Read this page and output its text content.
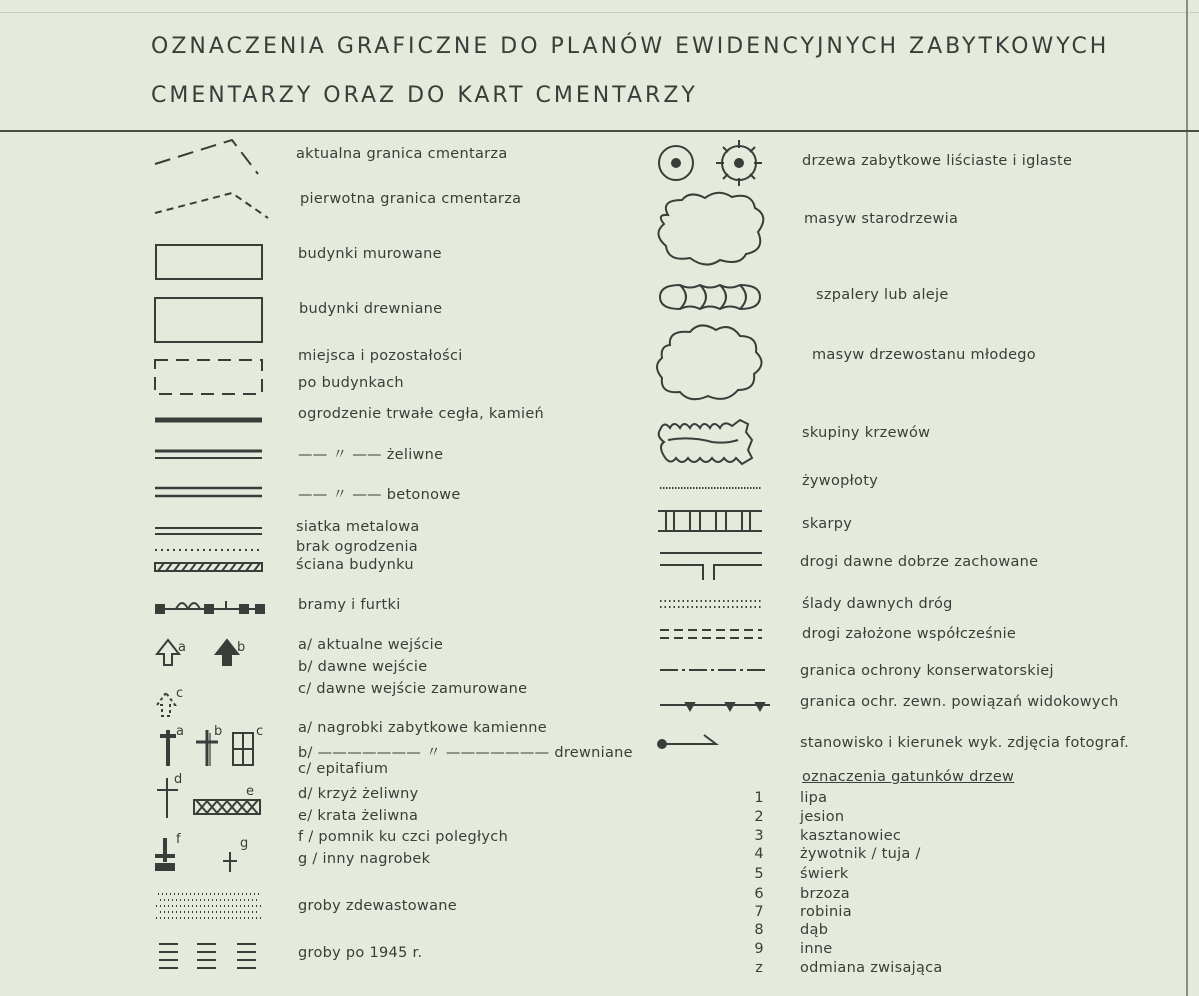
OZNACZENIA GRAFICZNE DO PLANÓW EWIDENCYJNYCH ZABYTKOWYCH
CMENTARZY ORAZ DO KART CMENTARZY
aktualna granica cmentarza
pierwotna granica cmentarza
budynki murowane
budynki drewniane
miejsca i pozostałości
po budynkach
ogrodzenie trwałe cegła, kamień
—— 〃 —— żeliwne
—— 〃 —— betonowe
siatka metalowa
brak ogrodzenia
ściana budynku
bramy i furtki
a/ aktualne wejście
b/ dawne wejście
c/ dawne wejście zamurowane
a/ nagrobki zabytkowe kamienne
b/ ——————— 〃 ——————— drewniane
c/ epitafium
d/ krzyż żeliwny
e/ krata żeliwna
f / pomnik ku czci poległych
g / inny nagrobek
groby zdewastowane
groby po 1945 r.
a	b
c
a b	c
d
e
f	g
drzewa zabytkowe liściaste i iglaste
masyw starodrzewia
szpalery lub aleje
masyw drzewostanu młodego
skupiny krzewów
żywopłoty
skarpy
drogi dawne dobrze zachowane
ślady dawnych dróg
drogi założone współcześnie
granica ochrony konserwatorskiej
granica ochr. zewn. powiązań widokowych
stanowisko i kierunek wyk. zdjęcia fotograf.
oznaczenia gatunków drzew
1	lipa
2	jesion
3	kasztanowiec
4	żywotnik / tuja /
5	świerk
6	brzoza
7	robinia
8	dąb
9	inne
z	odmiana zwisająca
